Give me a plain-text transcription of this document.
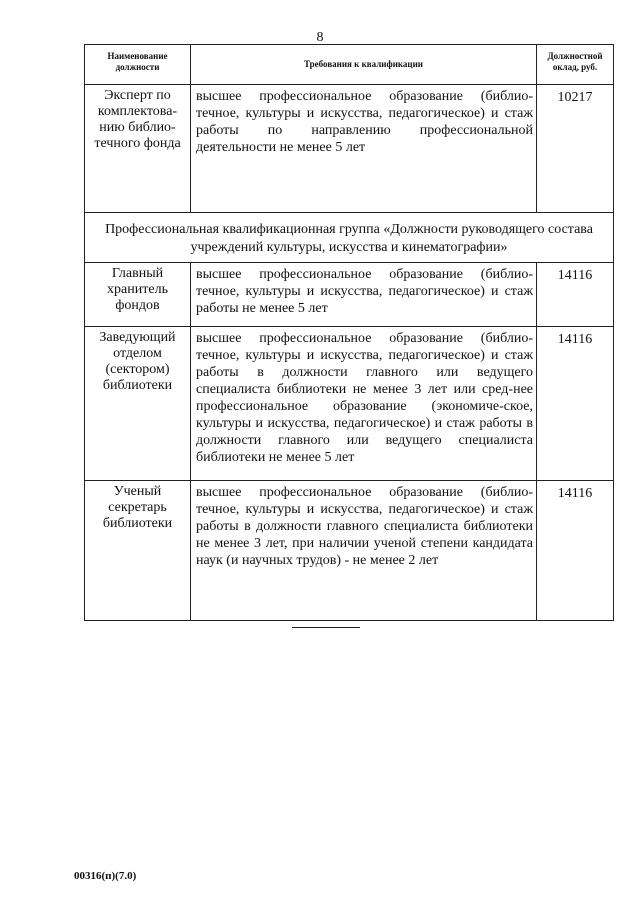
8
Наименование должности	Требования к квалификации	Должностной оклад, руб.
Эксперт по комплектова-нию библио-течного фонда	высшее профессиональное образование (библио-течное, культуры и искусства, педагогическое) и стаж работы по направлению профессиональной деятельности не менее 5 лет	10217
Профессиональная квалификационная группа «Должности руководящего состава учреждений культуры, искусства и кинематографии»		
Главный хранитель фондов	высшее профессиональное образование (библио-течное, культуры и искусства, педагогическое) и стаж работы не менее 5 лет	14116
Заведующий отделом (сектором) библиотеки	высшее профессиональное образование (библио-течное, культуры и искусства, педагогическое) и стаж работы в должности главного или ведущего специалиста библиотеки не менее 3 лет или сред-нее профессиональное образование (экономиче-ское, культуры и искусства, педагогическое) и стаж работы в должности главного или ведущего специалиста библиотеки не менее 5 лет	14116
Ученый секретарь библиотеки	высшее профессиональное образование (библио-течное, культуры и искусства, педагогическое) и стаж работы в должности главного специалиста библиотеки не менее 3 лет, при наличии ученой степени кандидата наук (и научных трудов) - не менее 2 лет	14116
00316(п)(7.0)
